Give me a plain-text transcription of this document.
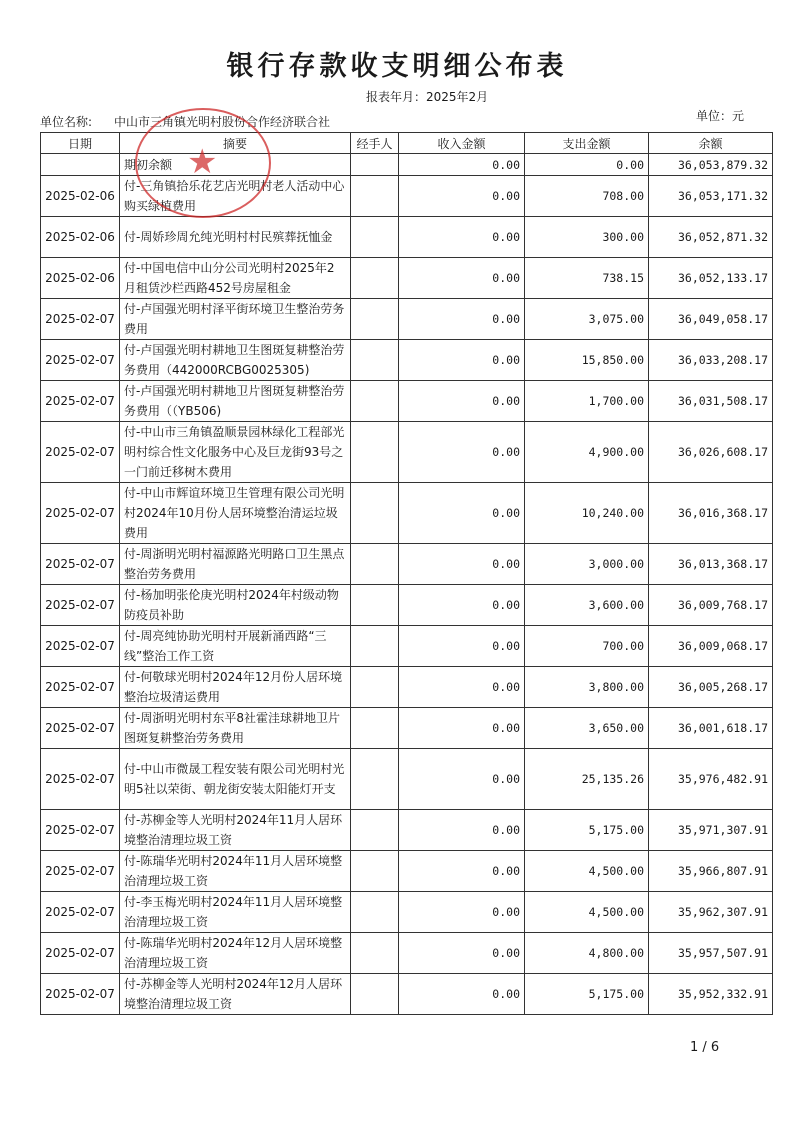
银行存款收支明细公布表
报表年月：2025年2月
单位名称: 中山市三角镇光明村股份合作经济联合社	单位：元
日期	摘要	经手人	收入金额	支出金额	余额
	期初余额		0.00	0.00	36,053,879.32
2025-02-06	付-三角镇拾乐花艺店光明村老人活动中心购买绿植费用		0.00	708.00	36,053,171.32
2025-02-06	付-周娇珍周允纯光明村村民殡葬抚恤金		0.00	300.00	36,052,871.32
2025-02-06	付-中国电信中山分公司光明村2025年2月租赁沙栏西路452号房屋租金		0.00	738.15	36,052,133.17
2025-02-07	付-卢国强光明村泽平街环境卫生整治劳务费用		0.00	3,075.00	36,049,058.17
2025-02-07	付-卢国强光明村耕地卫生图斑复耕整治劳务费用（442000RCBG0025305)		0.00	15,850.00	36,033,208.17
2025-02-07	付-卢国强光明村耕地卫片图斑复耕整治劳务费用（（YB506)		0.00	1,700.00	36,031,508.17
2025-02-07	付-中山市三角镇盈顺景园林绿化工程部光明村综合性文化服务中心及巨龙街93号之一门前迁移树木费用		0.00	4,900.00	36,026,608.17
2025-02-07	付-中山市辉谊环境卫生管理有限公司光明村2024年10月份人居环境整治清运垃圾费用		0.00	10,240.00	36,016,368.17
2025-02-07	付-周浙明光明村福源路光明路口卫生黑点整治劳务费用		0.00	3,000.00	36,013,368.17
2025-02-07	付-杨加明张伦庚光明村2024年村级动物防疫员补助		0.00	3,600.00	36,009,768.17
2025-02-07	付-周亮纯协助光明村开展新涌西路“三线”整治工作工资		0.00	700.00	36,009,068.17
2025-02-07	付-何敬球光明村2024年12月份人居环境整治垃圾清运费用		0.00	3,800.00	36,005,268.17
2025-02-07	付-周浙明光明村东平8社霍洼球耕地卫片图斑复耕整治劳务费用		0.00	3,650.00	36,001,618.17
2025-02-07	付-中山市微晟工程安装有限公司光明村光明5社以荣街、朝龙街安装太阳能灯开支		0.00	25,135.26	35,976,482.91
2025-02-07	付-苏柳金等人光明村2024年11月人居环境整治清理垃圾工资		0.00	5,175.00	35,971,307.91
2025-02-07	付-陈瑞华光明村2024年11月人居环境整治清理垃圾工资		0.00	4,500.00	35,966,807.91
2025-02-07	付-李玉梅光明村2024年11月人居环境整治清理垃圾工资		0.00	4,500.00	35,962,307.91
2025-02-07	付-陈瑞华光明村2024年12月人居环境整治清理垃圾工资		0.00	4,800.00	35,957,507.91
2025-02-07	付-苏柳金等人光明村2024年12月人居环境整治清理垃圾工资		0.00	5,175.00	35,952,332.91

★
1 / 6
